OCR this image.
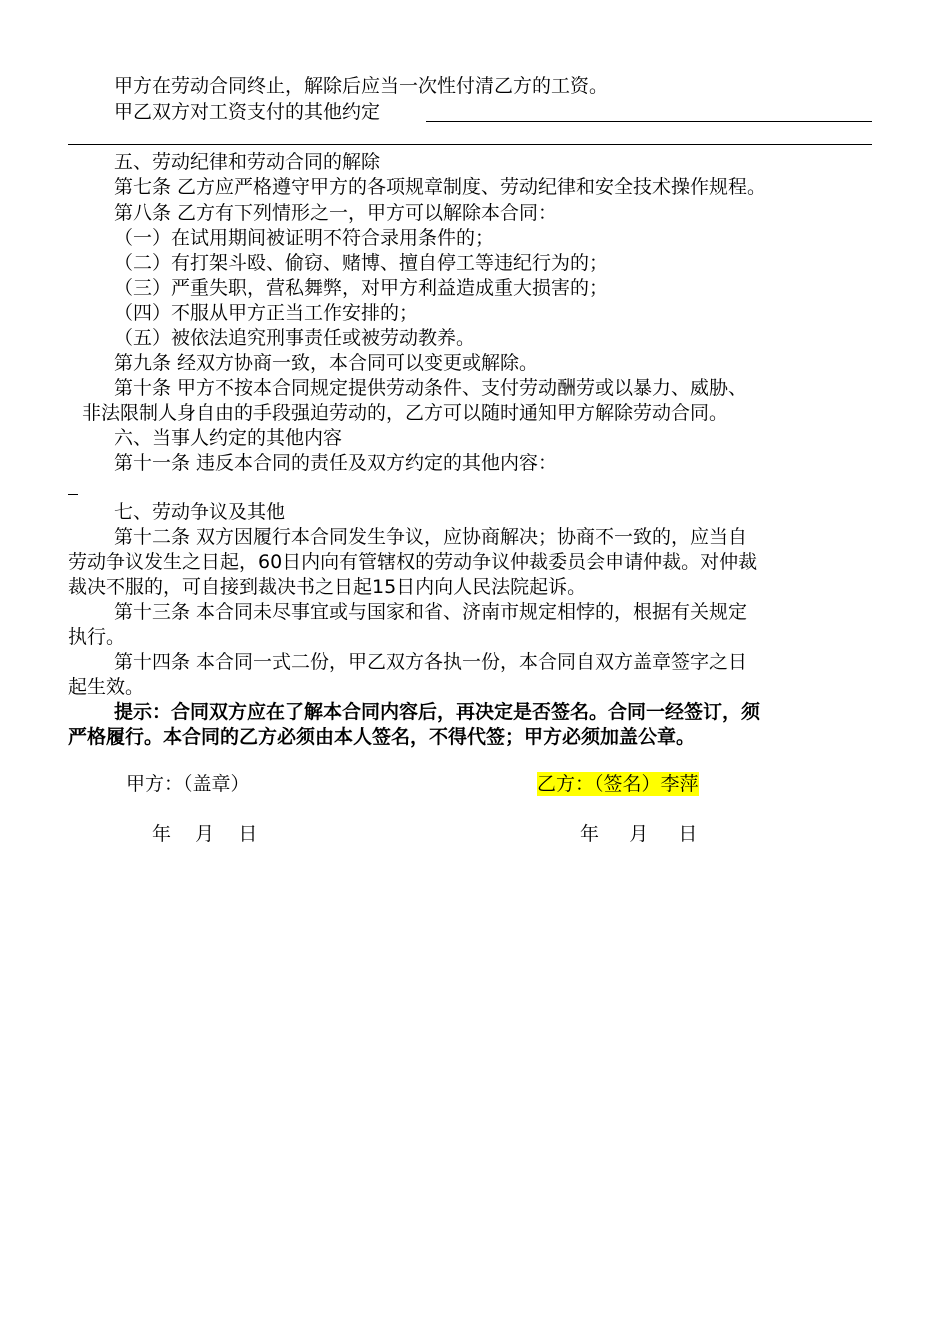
甲方在劳动合同终止，解除后应当一次性付清乙方的工资。
甲乙双方对工资支付的其他约定
五、劳动纪律和劳动合同的解除
第七条 乙方应严格遵守甲方的各项规章制度、劳动纪律和安全技术操作规程。
第八条 乙方有下列情形之一，甲方可以解除本合同：
（一）在试用期间被证明不符合录用条件的；
（二）有打架斗殴、偷窃、赌博、擅自停工等违纪行为的；
（三）严重失职，营私舞弊，对甲方利益造成重大损害的；
（四）不服从甲方正当工作安排的；
（五）被依法追究刑事责任或被劳动教养。
第九条 经双方协商一致，本合同可以变更或解除。
第十条 甲方不按本合同规定提供劳动条件、支付劳动酬劳或以暴力、威胁、
非法限制人身自由的手段强迫劳动的，乙方可以随时通知甲方解除劳动合同。
六、当事人约定的其他内容
第十一条 违反本合同的责任及双方约定的其他内容：
七、劳动争议及其他
第十二条 双方因履行本合同发生争议，应协商解决；协商不一致的，应当自
劳动争议发生之日起，60日内向有管辖权的劳动争议仲裁委员会申请仲裁。对仲裁
裁决不服的，可自接到裁决书之日起15日内向人民法院起诉。
第十三条 本合同未尽事宜或与国家和省、济南市规定相悖的，根据有关规定
执行。
第十四条 本合同一式二份，甲乙双方各执一份，本合同自双方盖章签字之日
起生效。
提示：合同双方应在了解本合同内容后，再决定是否签名。合同一经签订，须
严格履行。本合同的乙方必须由本人签名，不得代签；甲方必须加盖公章。
甲方：（盖章）	乙方：（签名）李萍
年    月    日	年     月     日
